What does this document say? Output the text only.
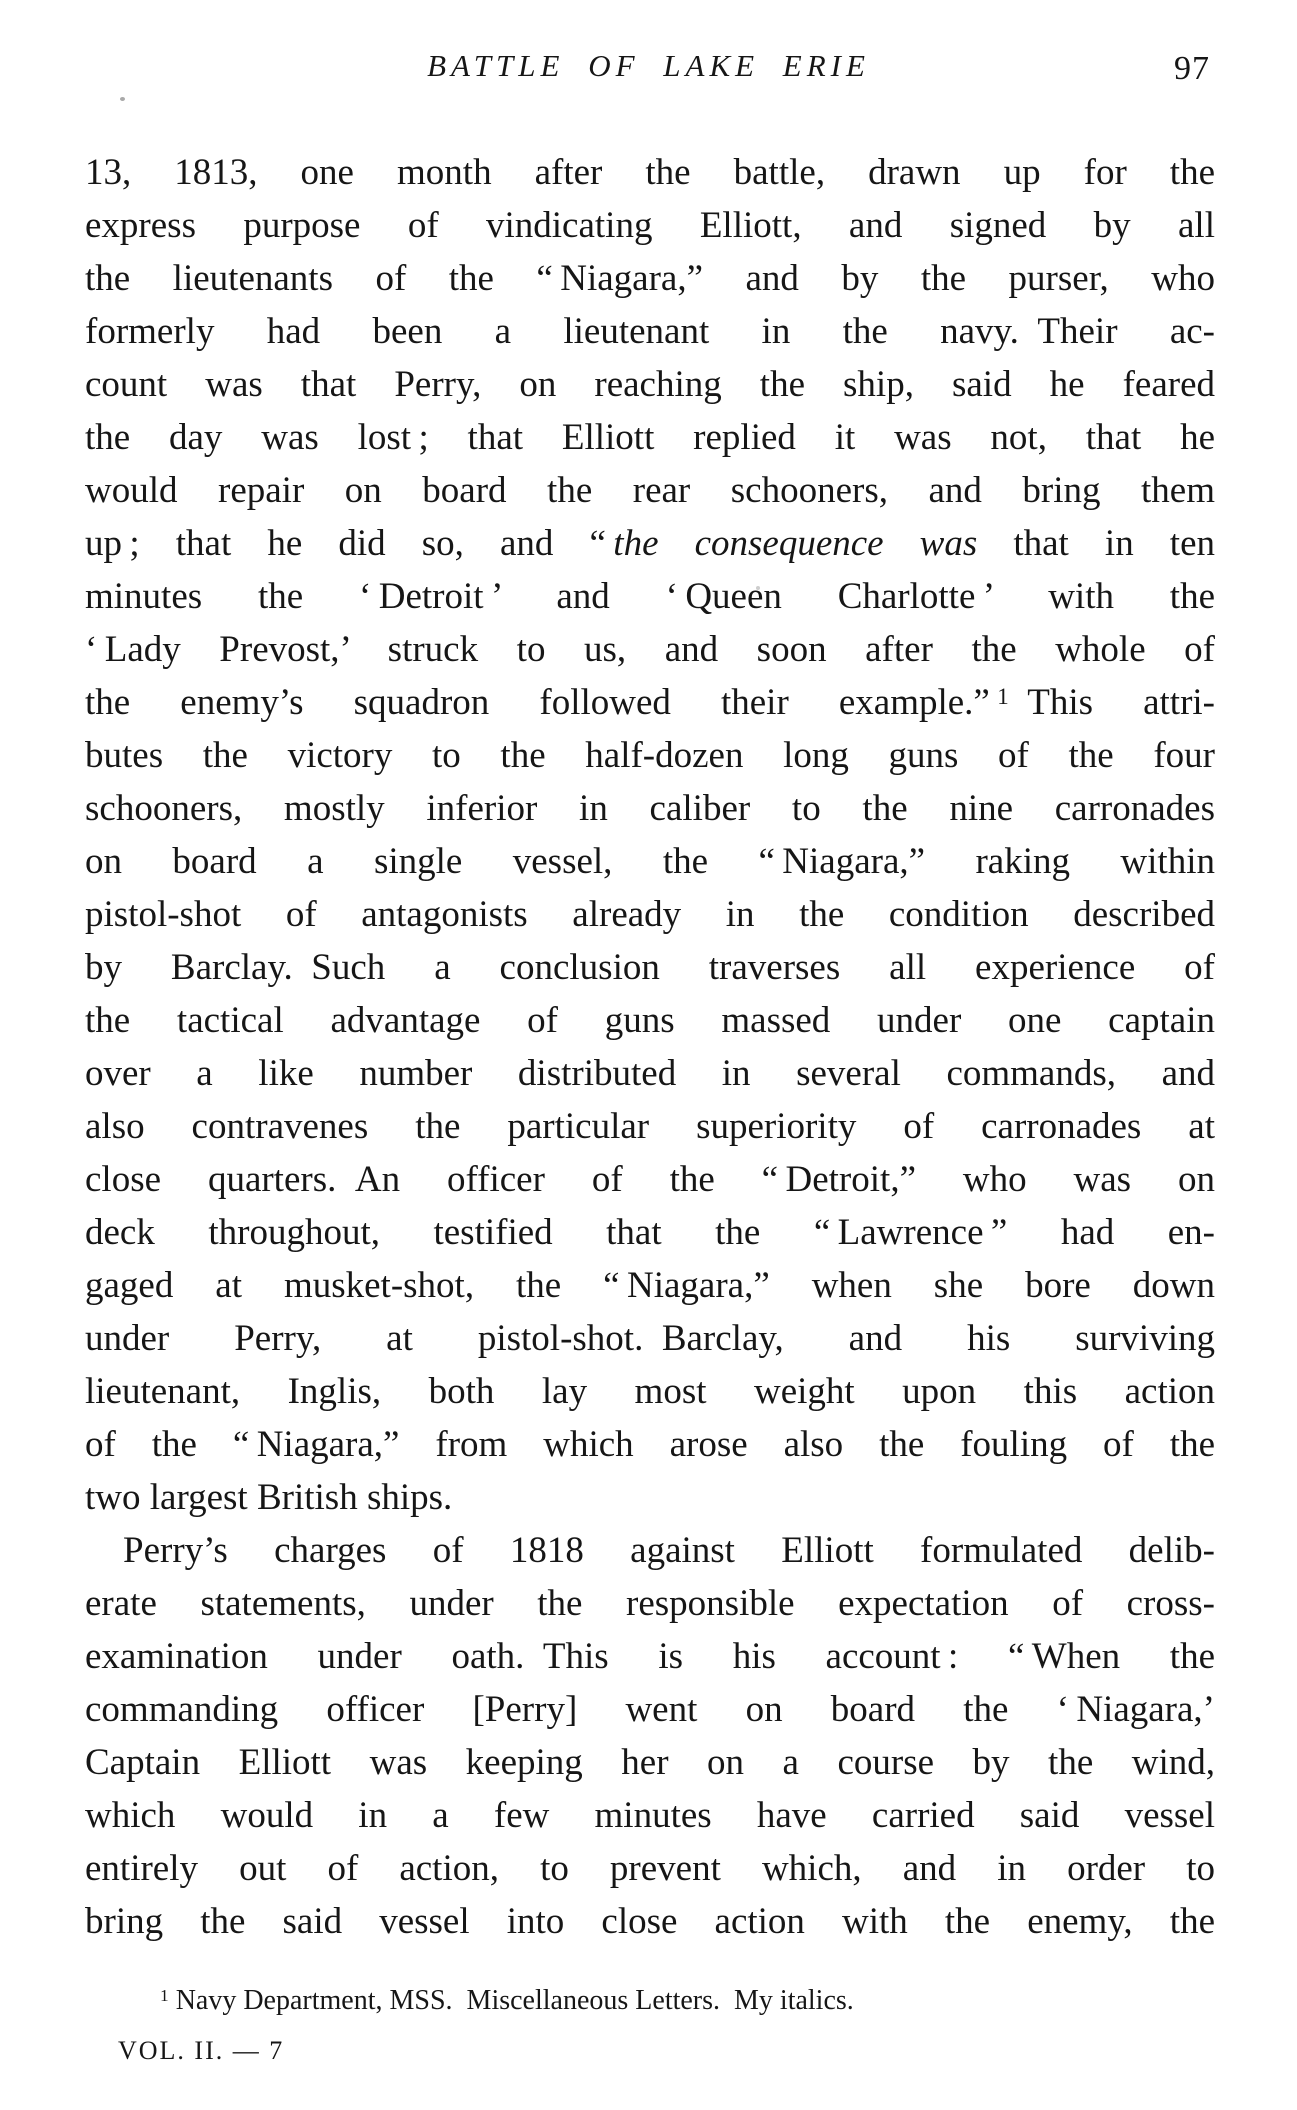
BATTLE OF LAKE ERIE	97
13, 1813, one month after the battle, drawn up for the
express purpose of vindicating Elliott, and signed by all
the lieutenants of the “ Niagara,” and by the purser, who
formerly had been a lieutenant in the navy. Their ac-
count was that Perry, on reaching the ship, said he feared
the day was lost ; that Elliott replied it was not, that he
would repair on board the rear schooners, and bring them
up ; that he did so, and “ the consequence was that in ten
minutes the ‘ Detroit ’ and ‘ Queen Charlotte ’ with the
‘ Lady Prevost,’ struck to us, and soon after the whole of
the enemy’s squadron followed their example.” $^1$ This attri-
butes the victory to the half-dozen long guns of the four
schooners, mostly inferior in caliber to the nine carronades
on board a single vessel, the “ Niagara,” raking within
pistol-shot of antagonists already in the condition described
by Barclay. Such a conclusion traverses all experience of
the tactical advantage of guns massed under one captain
over a like number distributed in several commands, and
also contravenes the particular superiority of carronades at
close quarters. An officer of the “ Detroit,” who was on
deck throughout, testified that the “ Lawrence ” had en-
gaged at musket-shot, the “ Niagara,” when she bore down
under Perry, at pistol-shot. Barclay, and his surviving
lieutenant, Inglis, both lay most weight upon this action
of the “ Niagara,” from which arose also the fouling of the
two largest British ships.
Perry’s charges of 1818 against Elliott formulated delib-
erate statements, under the responsible expectation of cross-
examination under oath. This is his account : “ When the
commanding officer [Perry] went on board the ‘ Niagara,’
Captain Elliott was keeping her on a course by the wind,
which would in a few minutes have carried said vessel
entirely out of action, to prevent which, and in order to
bring the said vessel into close action with the enemy, the
$^1$ Navy Department, MSS. Miscellaneous Letters. My italics.
VOL. II. — 7
